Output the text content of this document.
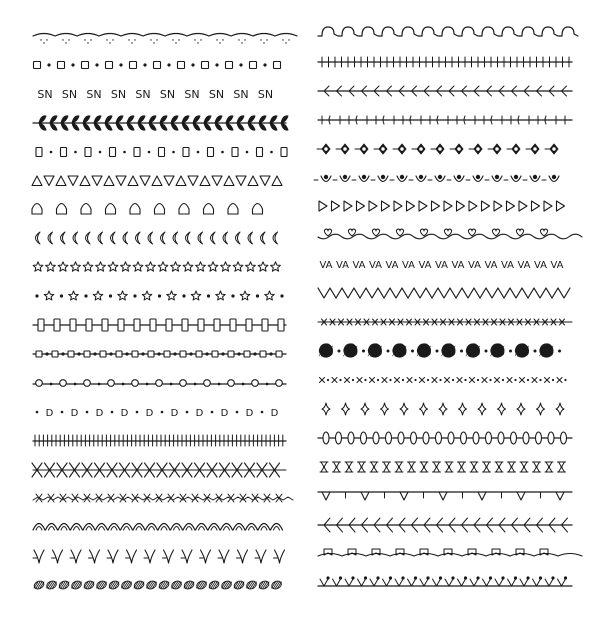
SN SN SN SN SN SN SN SN SN SN
D D D D D D D D D D
VA VA VA VA VA VA VA VA VA VA VA VA VA VA VA
